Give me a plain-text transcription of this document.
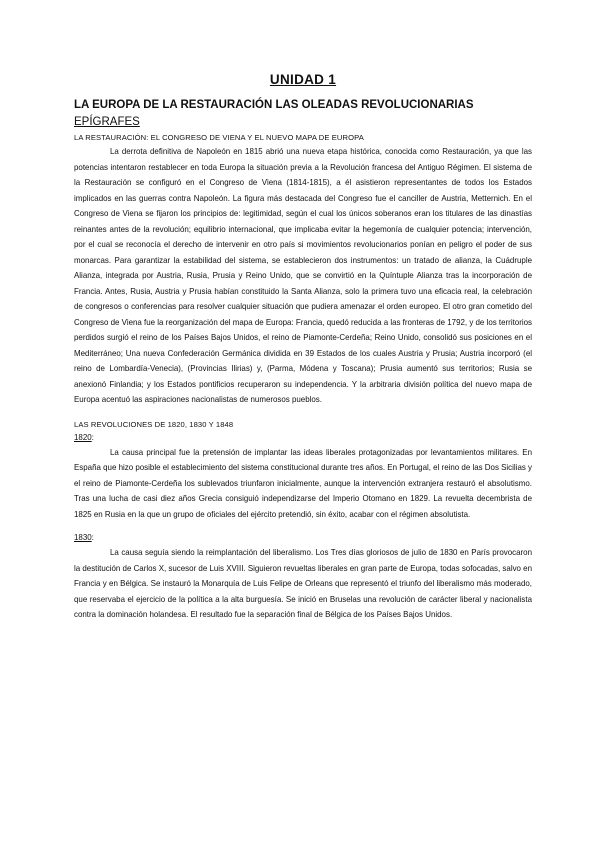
UNIDAD 1
LA EUROPA DE LA RESTAURACIÓN LAS OLEADAS REVOLUCIONARIAS
EPÍGRAFES
LA RESTAURACIÓN: EL CONGRESO DE VIENA Y EL NUEVO MAPA DE EUROPA

La derrota definitiva de Napoleón en 1815 abrió una nueva etapa histórica, conocida como Restauración, ya que las potencias intentaron restablecer en toda Europa la situación previa a la Revolución francesa del Antiguo Régimen. El sistema de la Restauración se configuró en el Congreso de Viena (1814-1815), a él asistieron representantes de todos los Estados implicados en las guerras contra Napoleón. La figura más destacada del Congreso fue el canciller de Austria, Metternich. En el Congreso de Viena se fijaron los principios de: legitimidad, según el cual los únicos soberanos eran los titulares de las dinastías reinantes antes de la revolución; equilibrio internacional, que implicaba evitar la hegemonía de cualquier potencia; intervención, por el cual se reconocía el derecho de intervenir en otro país si movimientos revolucionarios ponían en peligro el poder de sus monarcas. Para garantizar la estabilidad del sistema, se establecieron dos instrumentos: un tratado de alianza, la Cuádruple Alianza, integrada por Austria, Rusia, Prusia y Reino Unido, que se convirtió en la Quíntuple Alianza tras la incorporación de Francia. Antes, Rusia, Austria y Prusia habían constituido la Santa Alianza, solo la primera tuvo una eficacia real, la celebración de congresos o conferencias para resolver cualquier situación que pudiera amenazar el orden europeo. El otro gran cometido del Congreso de Viena fue la reorganización del mapa de Europa: Francia, quedó reducida a las fronteras de 1792, y de los territorios perdidos surgió el reino de los Países Bajos Unidos, el reino de Piamonte-Cerdeña; Reino Unido, consolidó sus posiciones en el Mediterráneo; Una nueva Confederación Germánica dividida en 39 Estados de los cuales Austria y Prusia; Austria incorporó (el reino de Lombardía-Venecia), (Provincias Ilirias) y, (Parma, Módena y Toscana); Prusia aumentó sus territorios; Rusia se anexionó Finlandia; y los Estados pontificios recuperaron su independencia. Y la arbitraria división política del nuevo mapa de Europa acentuó las aspiraciones nacionalistas de numerosos pueblos.

LAS REVOLUCIONES DE 1820, 1830 Y 1848
1820:

La causa principal fue la pretensión de implantar las ideas liberales protagonizadas por levantamientos militares. En España que hizo posible el establecimiento del sistema constitucional durante tres años. En Portugal, el reino de las Dos Sicilias y el reino de Piamonte-Cerdeña los sublevados triunfaron inicialmente, aunque la intervención extranjera restauró el absolutismo. Tras una lucha de casi diez años Grecia consiguió independizarse del Imperio Otomano en 1829. La revuelta decembrista de 1825 en Rusia en la que un grupo de oficiales del ejército pretendió, sin éxito, acabar con el régimen absolutista.

1830:

La causa seguía siendo la reimplantación del liberalismo. Los Tres días gloriosos de julio de 1830 en París provocaron la destitución de Carlos X, sucesor de Luis XVIII. Siguieron revueltas liberales en gran parte de Europa, todas sofocadas, salvo en Francia y en Bélgica. Se instauró la Monarquía de Luis Felipe de Orleans que representó el triunfo del liberalismo más moderado, que reservaba el ejercicio de la política a la alta burguesía. Se inició en Bruselas una revolución de carácter liberal y nacionalista contra la dominación holandesa. El resultado fue la separación final de Bélgica de los Países Bajos Unidos.
